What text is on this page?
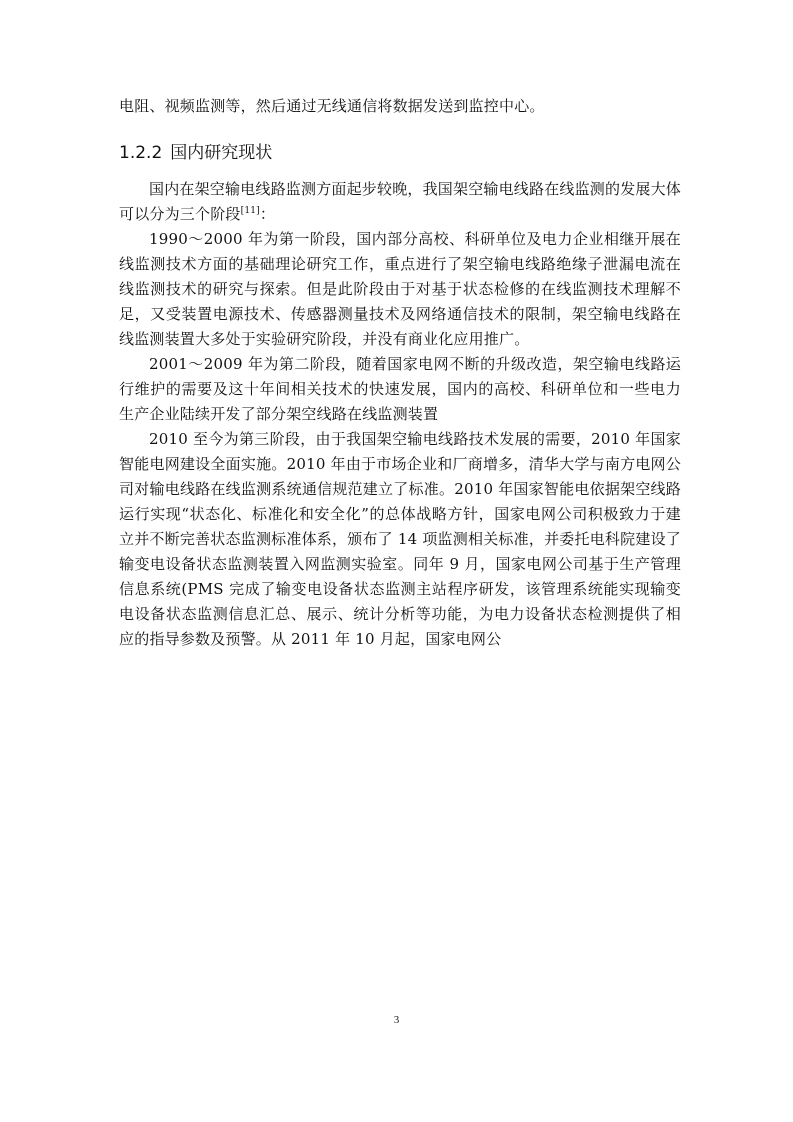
电阻、视频监测等，然后通过无线通信将数据发送到监控中心。

1.2.2 国内研究现状

国内在架空输电线路监测方面起步较晚，我国架空输电线路在线监测的发展大体可以分为三个阶段[11]：

1990～2000 年为第一阶段，国内部分高校、科研单位及电力企业相继开展在线监测技术方面的基础理论研究工作，重点进行了架空输电线路绝缘子泄漏电流在线监测技术的研究与探索。但是此阶段由于对基于状态检修的在线监测技术理解不足，又受装置电源技术、传感器测量技术及网络通信技术的限制，架空输电线路在线监测装置大多处于实验研究阶段，并没有商业化应用推广。

2001～2009 年为第二阶段，随着国家电网不断的升级改造，架空输电线路运行维护的需要及这十年间相关技术的快速发展，国内的高校、科研单位和一些电力生产企业陆续开发了部分架空线路在线监测装置

2010 至今为第三阶段，由于我国架空输电线路技术发展的需要，2010 年国家智能电网建设全面实施。2010 年由于市场企业和厂商增多，清华大学与南方电网公司对输电线路在线监测系统通信规范建立了标准。2010 年国家智能电依据架空线路运行实现“状态化、标准化和安全化”的总体战略方针，国家电网公司积极致力于建立并不断完善状态监测标准体系，颁布了 14 项监测相关标准，并委托电科院建设了输变电设备状态监测装置入网监测实验室。同年 9 月，国家电网公司基于生产管理信息系统(PMS 完成了输变电设备状态监测主站程序研发，该管理系统能实现输变电设备状态监测信息汇总、展示、统计分析等功能，为电力设备状态检测提供了相应的指导参数及预警。从 2011 年 10 月起，国家电网公

3
